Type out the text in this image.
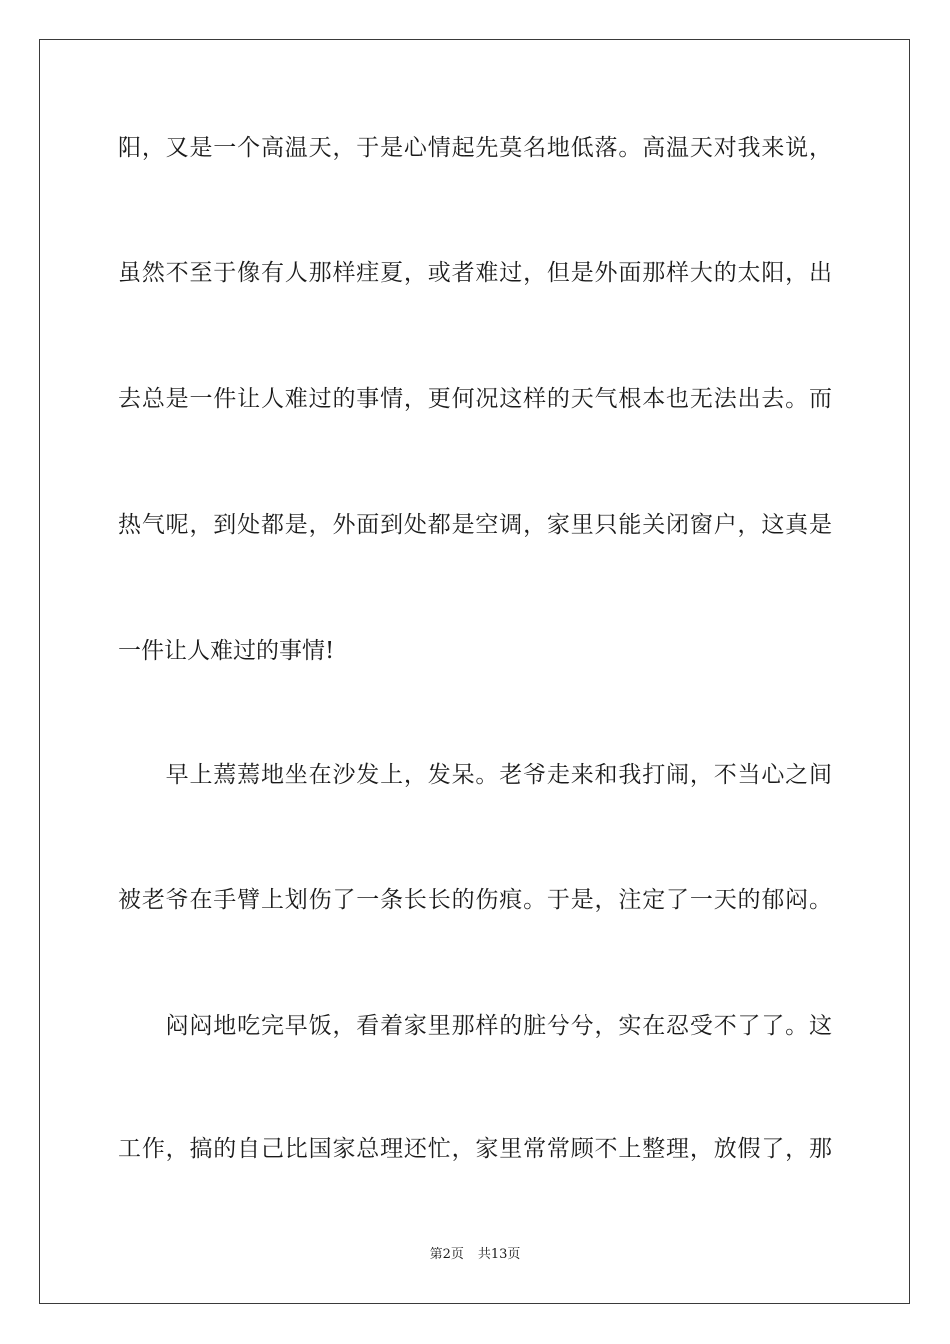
阳，又是一个高温天，于是心情起先莫名地低落。高温天对我来说，
虽然不至于像有人那样疰夏，或者难过，但是外面那样大的太阳，出
去总是一件让人难过的事情，更何况这样的天气根本也无法出去。而
热气呢，到处都是，外面到处都是空调，家里只能关闭窗户，这真是
一件让人难过的事情!
　　早上蔫蔫地坐在沙发上，发呆。老爷走来和我打闹，不当心之间
被老爷在手臂上划伤了一条长长的伤痕。于是，注定了一天的郁闷。
　　闷闷地吃完早饭，看着家里那样的脏兮兮，实在忍受不了了。这
工作，搞的自己比国家总理还忙，家里常常顾不上整理，放假了，那
第2页 共13页
